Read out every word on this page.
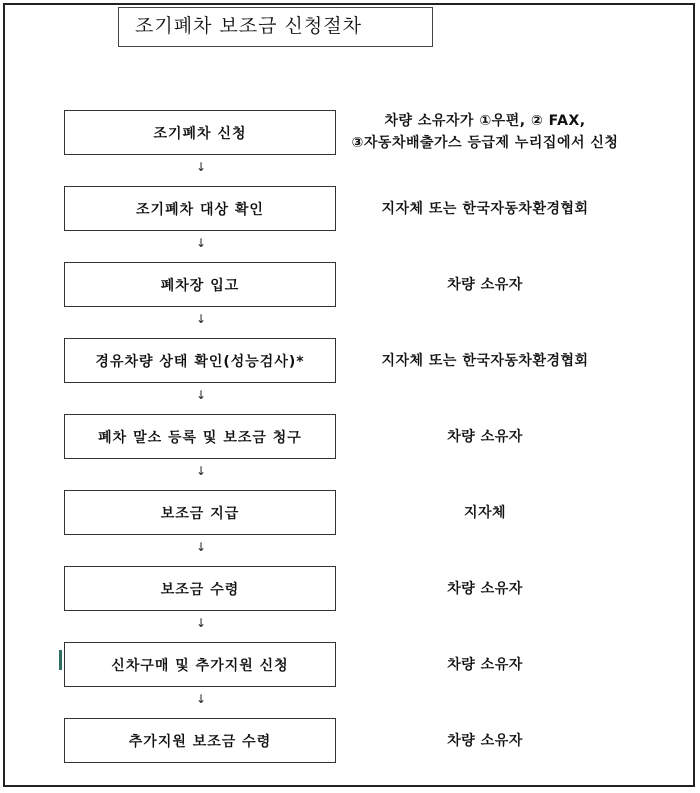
조기폐차 보조금 신청절차
조기폐차 신청
조기폐차 대상 확인
폐차장 입고
경유차량 상태 확인(성능검사)*
폐차 말소 등록 및 보조금 청구
보조금 지급
보조금 수령
신차구매 및 추가지원 신청
추가지원 보조금 수령
↓
↓
↓
↓
↓
↓
↓
↓
차량 소유자가 ①우편, ② FAX,
③자동차배출가스 등급제 누리집에서 신청
지자체 또는 한국자동차환경협회
차량 소유자
지자체 또는 한국자동차환경협회
차량 소유자
지자체
차량 소유자
차량 소유자
차량 소유자
